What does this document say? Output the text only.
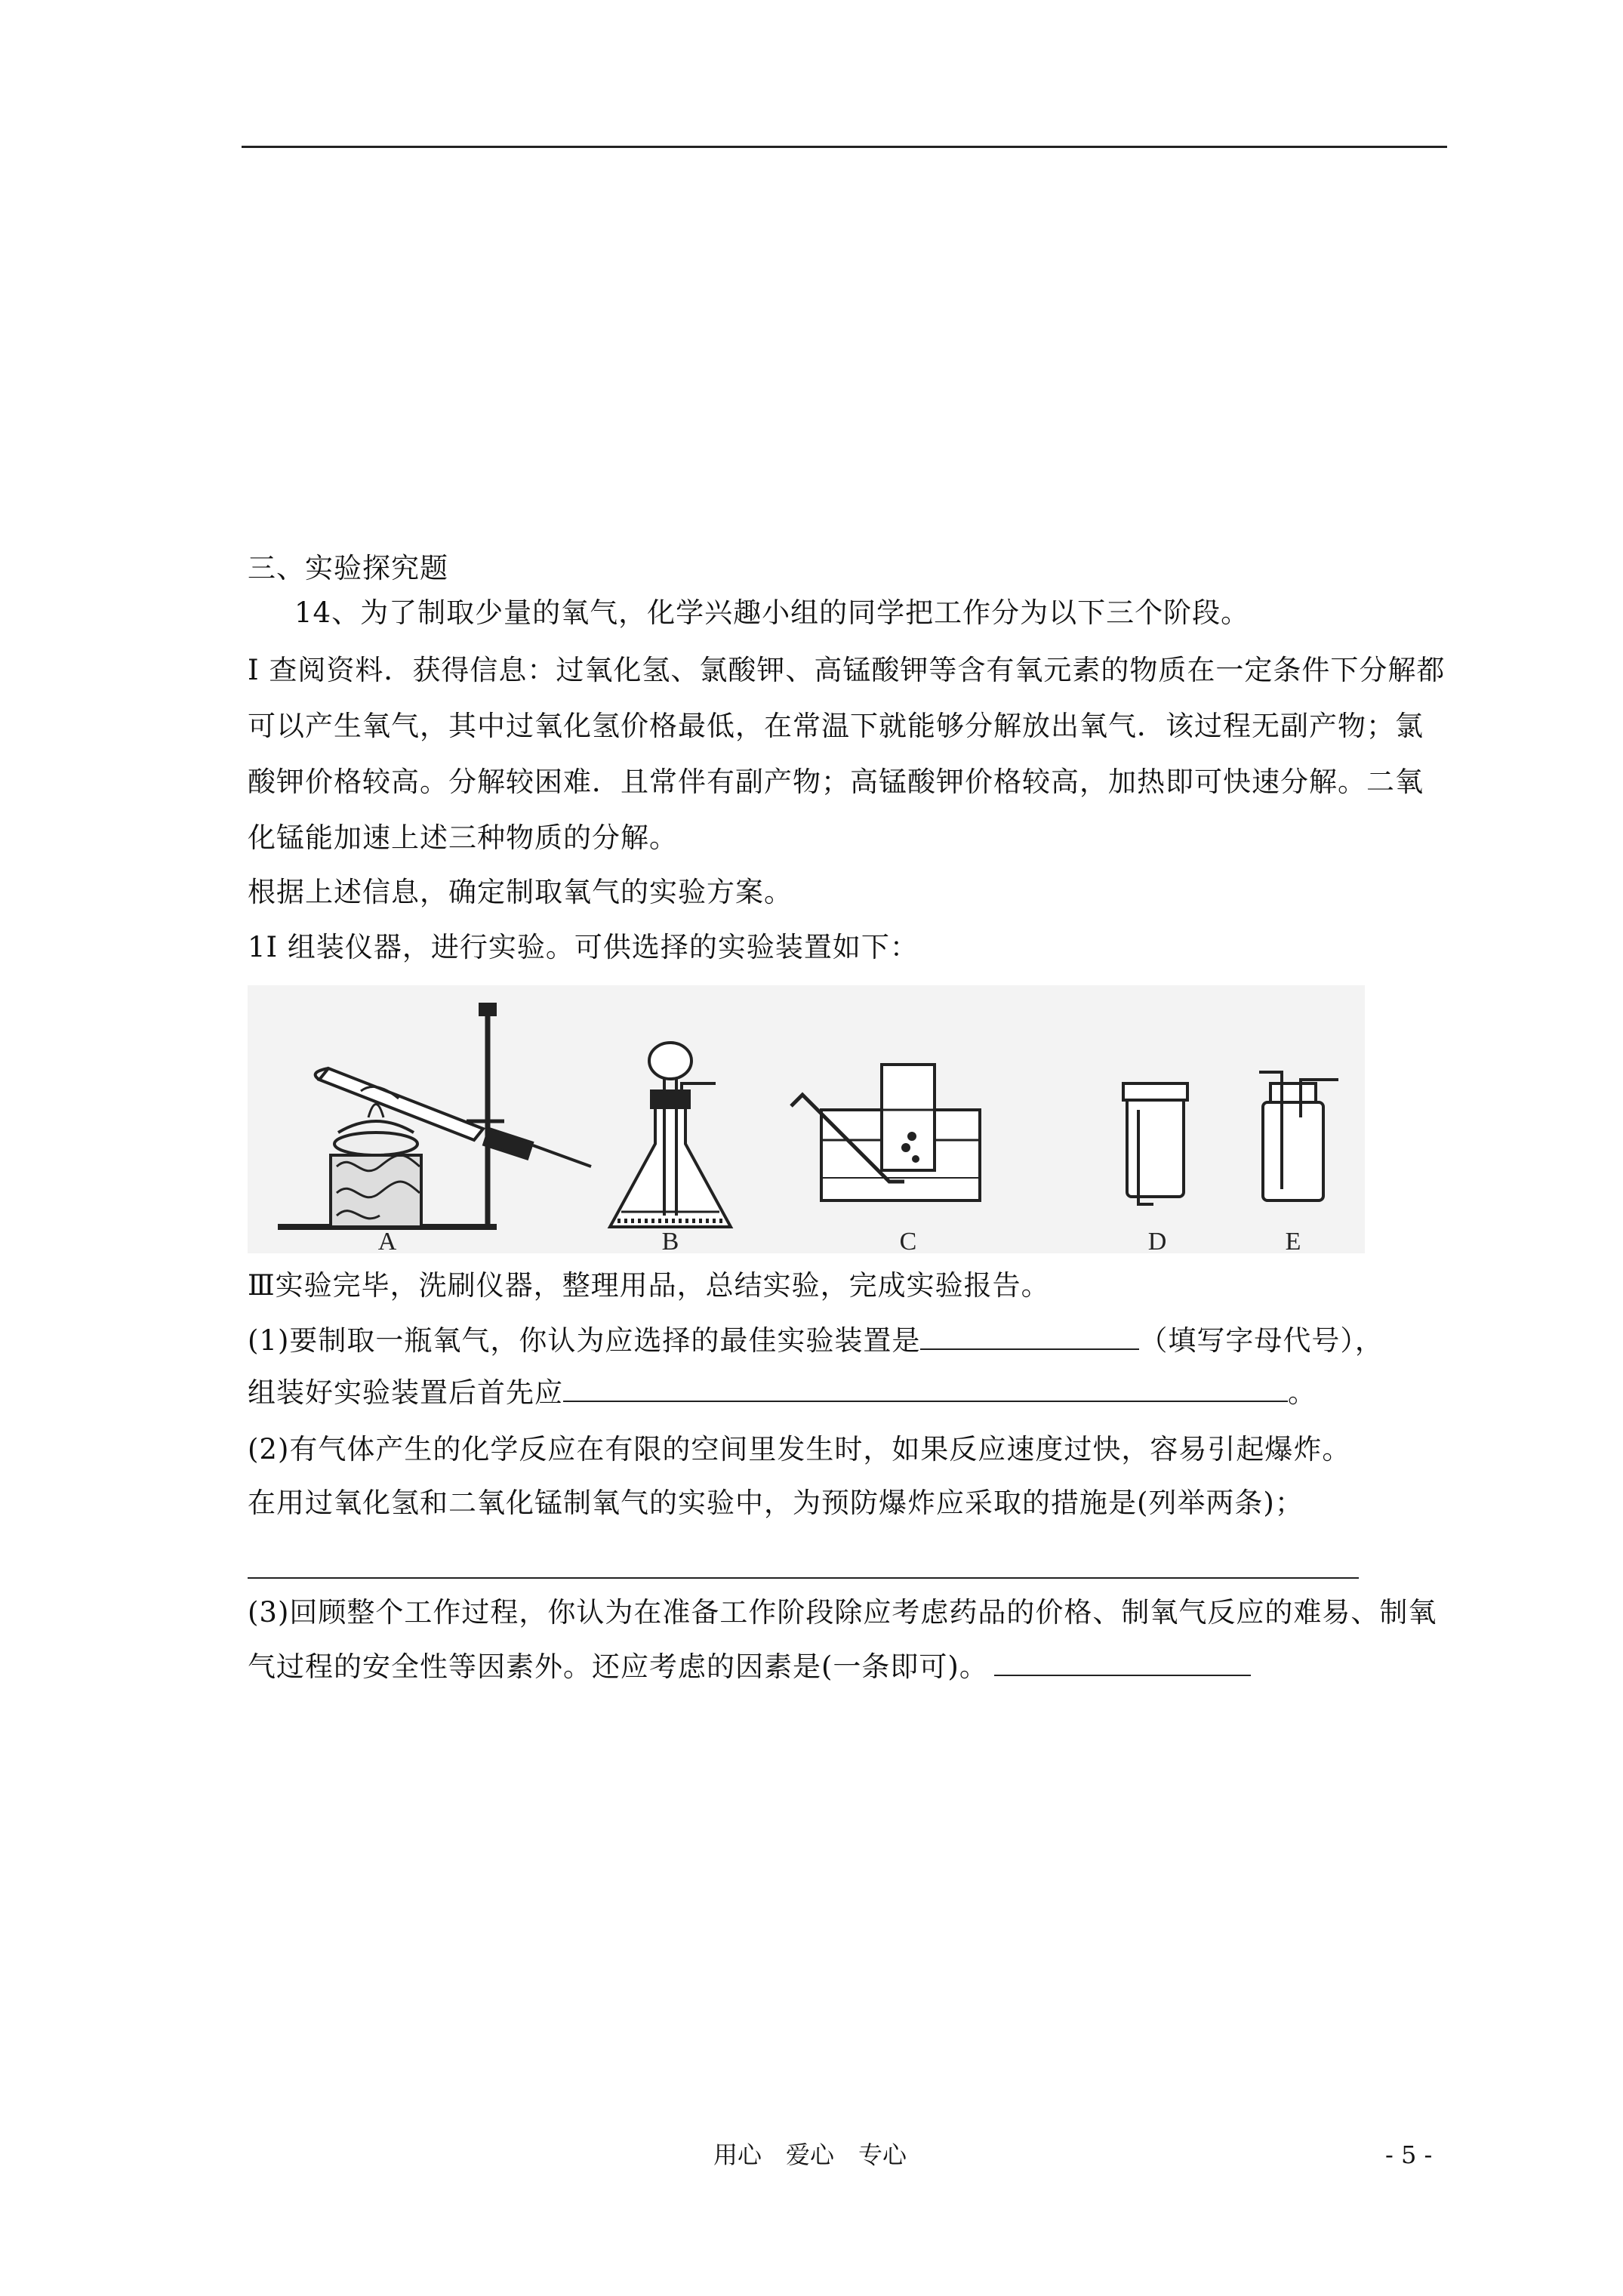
三、实验探究题
14、为了制取少量的氧气，化学兴趣小组的同学把工作分为以下三个阶段。
I 查阅资料．获得信息：过氧化氢、氯酸钾、高锰酸钾等含有氧元素的物质在一定条件下分解都
可以产生氧气，其中过氧化氢价格最低，在常温下就能够分解放出氧气．该过程无副产物；氯
酸钾价格较高。分解较困难．且常伴有副产物；高锰酸钾价格较高，加热即可快速分解。二氧
化锰能加速上述三种物质的分解。
根据上述信息，确定制取氧气的实验方案。
1I 组装仪器，进行实验。可供选择的实验装置如下：
A	B	C	D	E
Ⅲ实验完毕，洗刷仪器，整理用品，总结实验，完成实验报告。
(1)要制取一瓶氧气，你认为应选择的最佳实验装置是	（填写字母代号），
组装好实验装置后首先应	。
(2)有气体产生的化学反应在有限的空间里发生时，如果反应速度过快，容易引起爆炸。
在用过氧化氢和二氧化锰制氧气的实验中，为预防爆炸应采取的措施是(列举两条)；
(3)回顾整个工作过程，你认为在准备工作阶段除应考虑药品的价格、制氧气反应的难易、制氧
气过程的安全性等因素外。还应考虑的因素是(一条即可)。
用心　爱心　专心	- 5 -
